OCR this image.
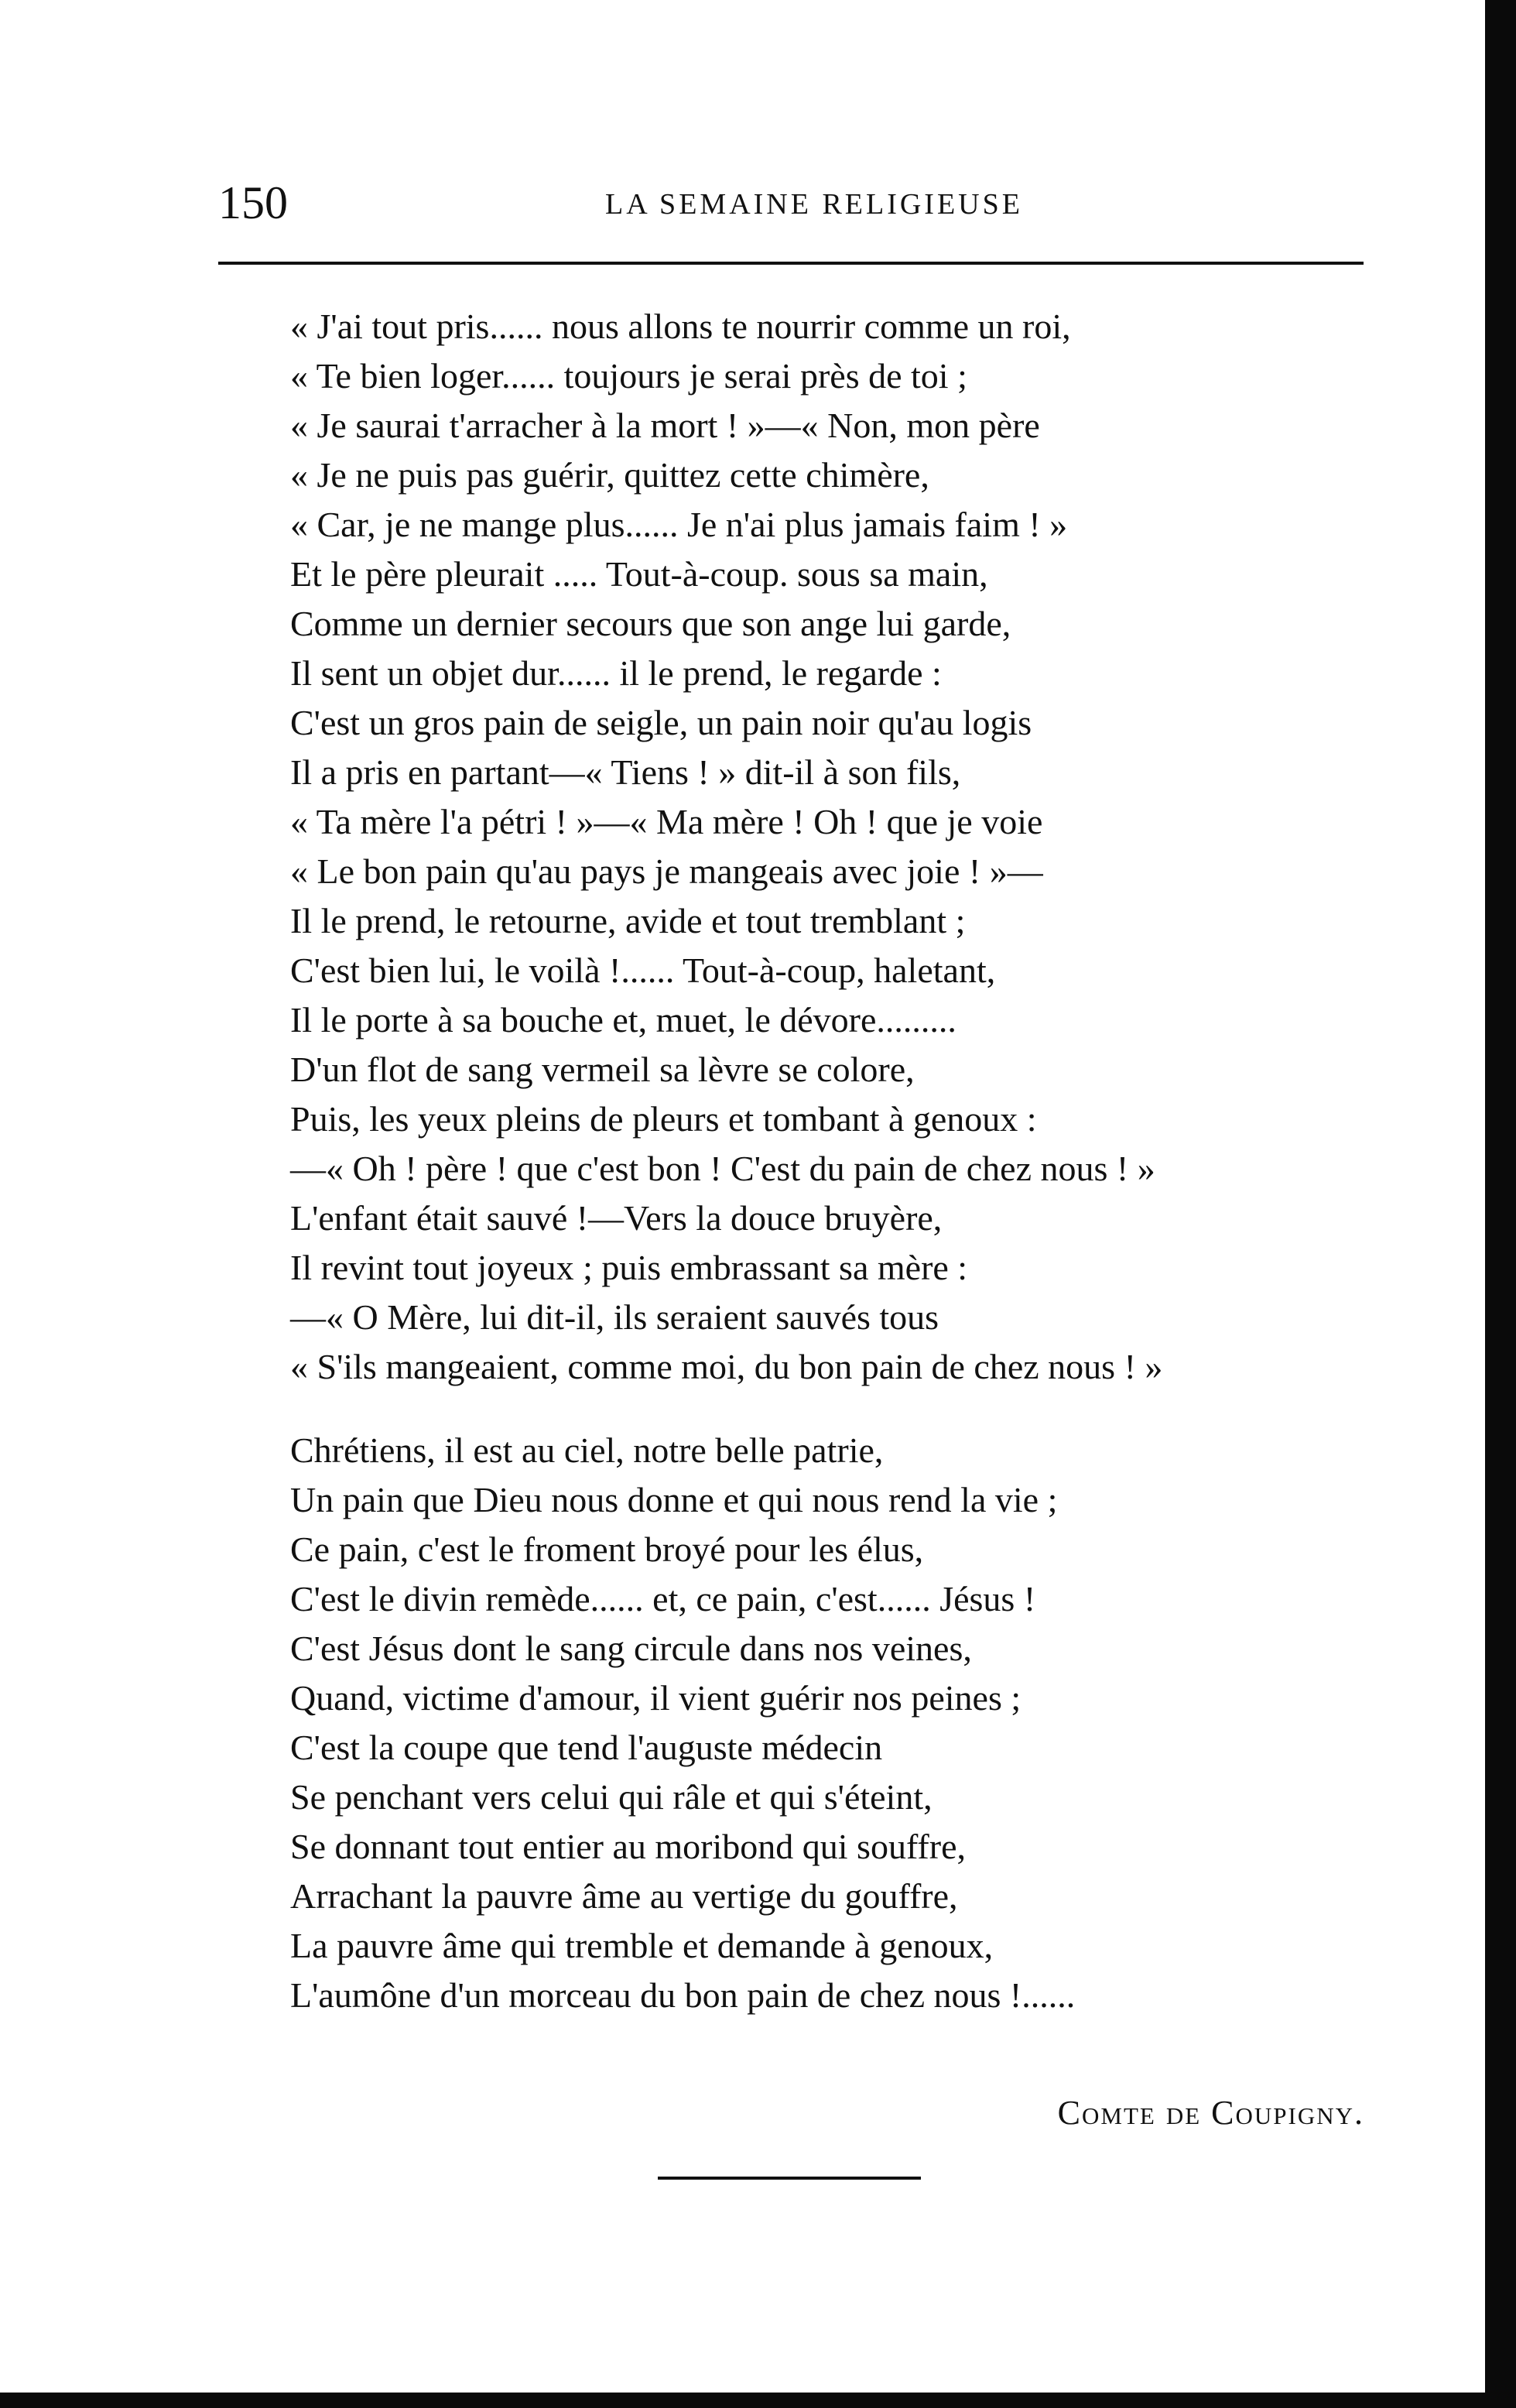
150	LA SEMAINE RELIGIEUSE
« J'ai tout pris...... nous allons te nourrir comme un roi,
« Te bien loger...... toujours je serai près de toi ;
« Je saurai t'arracher à la mort ! »—« Non, mon père
« Je ne puis pas guérir, quittez cette chimère,
« Car, je ne mange plus...... Je n'ai plus jamais faim ! »
Et le père pleurait ..... Tout-à-coup. sous sa main,
Comme un dernier secours que son ange lui garde,
Il sent un objet dur...... il le prend, le regarde :
C'est un gros pain de seigle, un pain noir qu'au logis
Il a pris en partant—« Tiens ! » dit-il à son fils,
« Ta mère l'a pétri ! »—« Ma mère ! Oh ! que je voie
« Le bon pain qu'au pays je mangeais avec joie ! »—
Il le prend, le retourne, avide et tout tremblant ;
C'est bien lui, le voilà !...... Tout-à-coup, haletant,
Il le porte à sa bouche et, muet, le dévore.........
D'un flot de sang vermeil sa lèvre se colore,
Puis, les yeux pleins de pleurs et tombant à genoux :
—« Oh ! père ! que c'est bon ! C'est du pain de chez nous ! »
L'enfant était sauvé !—Vers la douce bruyère,
Il revint tout joyeux ; puis embrassant sa mère :
—« O Mère, lui dit-il, ils seraient sauvés tous
« S'ils mangeaient, comme moi, du bon pain de chez nous ! »
Chrétiens, il est au ciel, notre belle patrie,
Un pain que Dieu nous donne et qui nous rend la vie ;
Ce pain, c'est le froment broyé pour les élus,
C'est le divin remède...... et, ce pain, c'est...... Jésus !
C'est Jésus dont le sang circule dans nos veines,
Quand, victime d'amour, il vient guérir nos peines ;
C'est la coupe que tend l'auguste médecin
Se penchant vers celui qui râle et qui s'éteint,
Se donnant tout entier au moribond qui souffre,
Arrachant la pauvre âme au vertige du gouffre,
La pauvre âme qui tremble et demande à genoux,
L'aumône d'un morceau du bon pain de chez nous !......
Comte de Coupigny.
